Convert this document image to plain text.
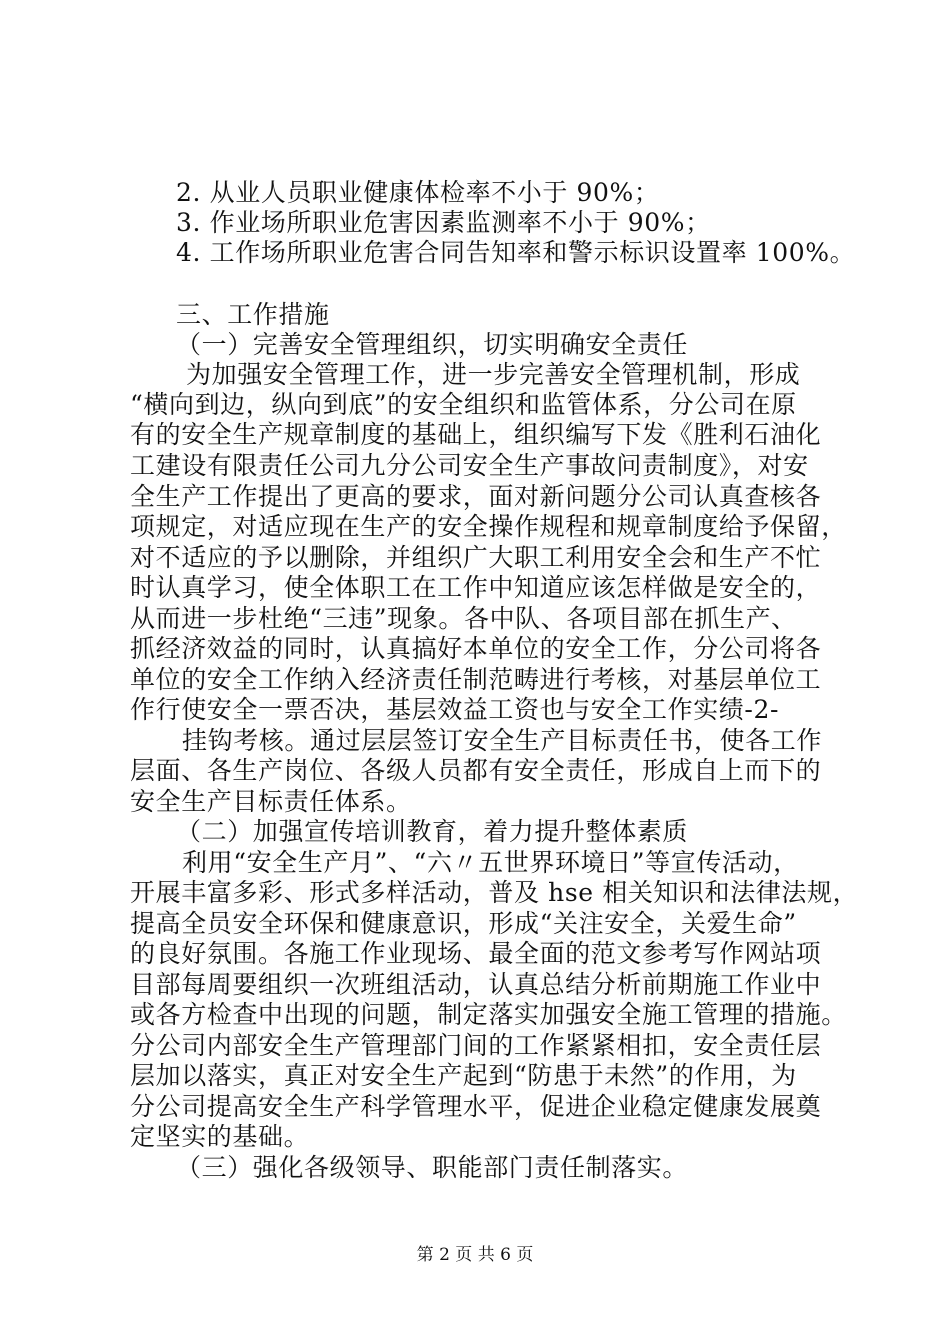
2. 从业人员职业健康体检率不小于 90%；
3. 作业场所职业危害因素监测率不小于 90%；
4. 工作场所职业危害合同告知率和警示标识设置率 100%。
三、工作措施
（一）完善安全管理组织，切实明确安全责任
为加强安全管理工作，进一步完善安全管理机制，形成
“横向到边，纵向到底”的安全组织和监管体系，分公司在原
有的安全生产规章制度的基础上，组织编写下发《胜利石油化
工建设有限责任公司九分公司安全生产事故问责制度》，对安
全生产工作提出了更高的要求，面对新问题分公司认真查核各
项规定，对适应现在生产的安全操作规程和规章制度给予保留，
对不适应的予以删除，并组织广大职工利用安全会和生产不忙
时认真学习，使全体职工在工作中知道应该怎样做是安全的，
从而进一步杜绝“三违”现象。各中队、各项目部在抓生产、
抓经济效益的同时，认真搞好本单位的安全工作，分公司将各
单位的安全工作纳入经济责任制范畴进行考核，对基层单位工
作行使安全一票否决，基层效益工资也与安全工作实绩-2-
挂钩考核。通过层层签订安全生产目标责任书，使各工作
层面、各生产岗位、各级人员都有安全责任，形成自上而下的
安全生产目标责任体系。
（二）加强宣传培训教育，着力提升整体素质
利用“安全生产月”、“六〃五世界环境日”等宣传活动，
开展丰富多彩、形式多样活动，普及 hse 相关知识和法律法规，
提高全员安全环保和健康意识，形成“关注安全，关爱生命”
的良好氛围。各施工作业现场、最全面的范文参考写作网站项
目部每周要组织一次班组活动，认真总结分析前期施工作业中
或各方检查中出现的问题，制定落实加强安全施工管理的措施。
分公司内部安全生产管理部门间的工作紧紧相扣，安全责任层
层加以落实，真正对安全生产起到“防患于未然”的作用，为
分公司提高安全生产科学管理水平，促进企业稳定健康发展奠
定坚实的基础。
（三）强化各级领导、职能部门责任制落实。
第 2 页 共 6 页
